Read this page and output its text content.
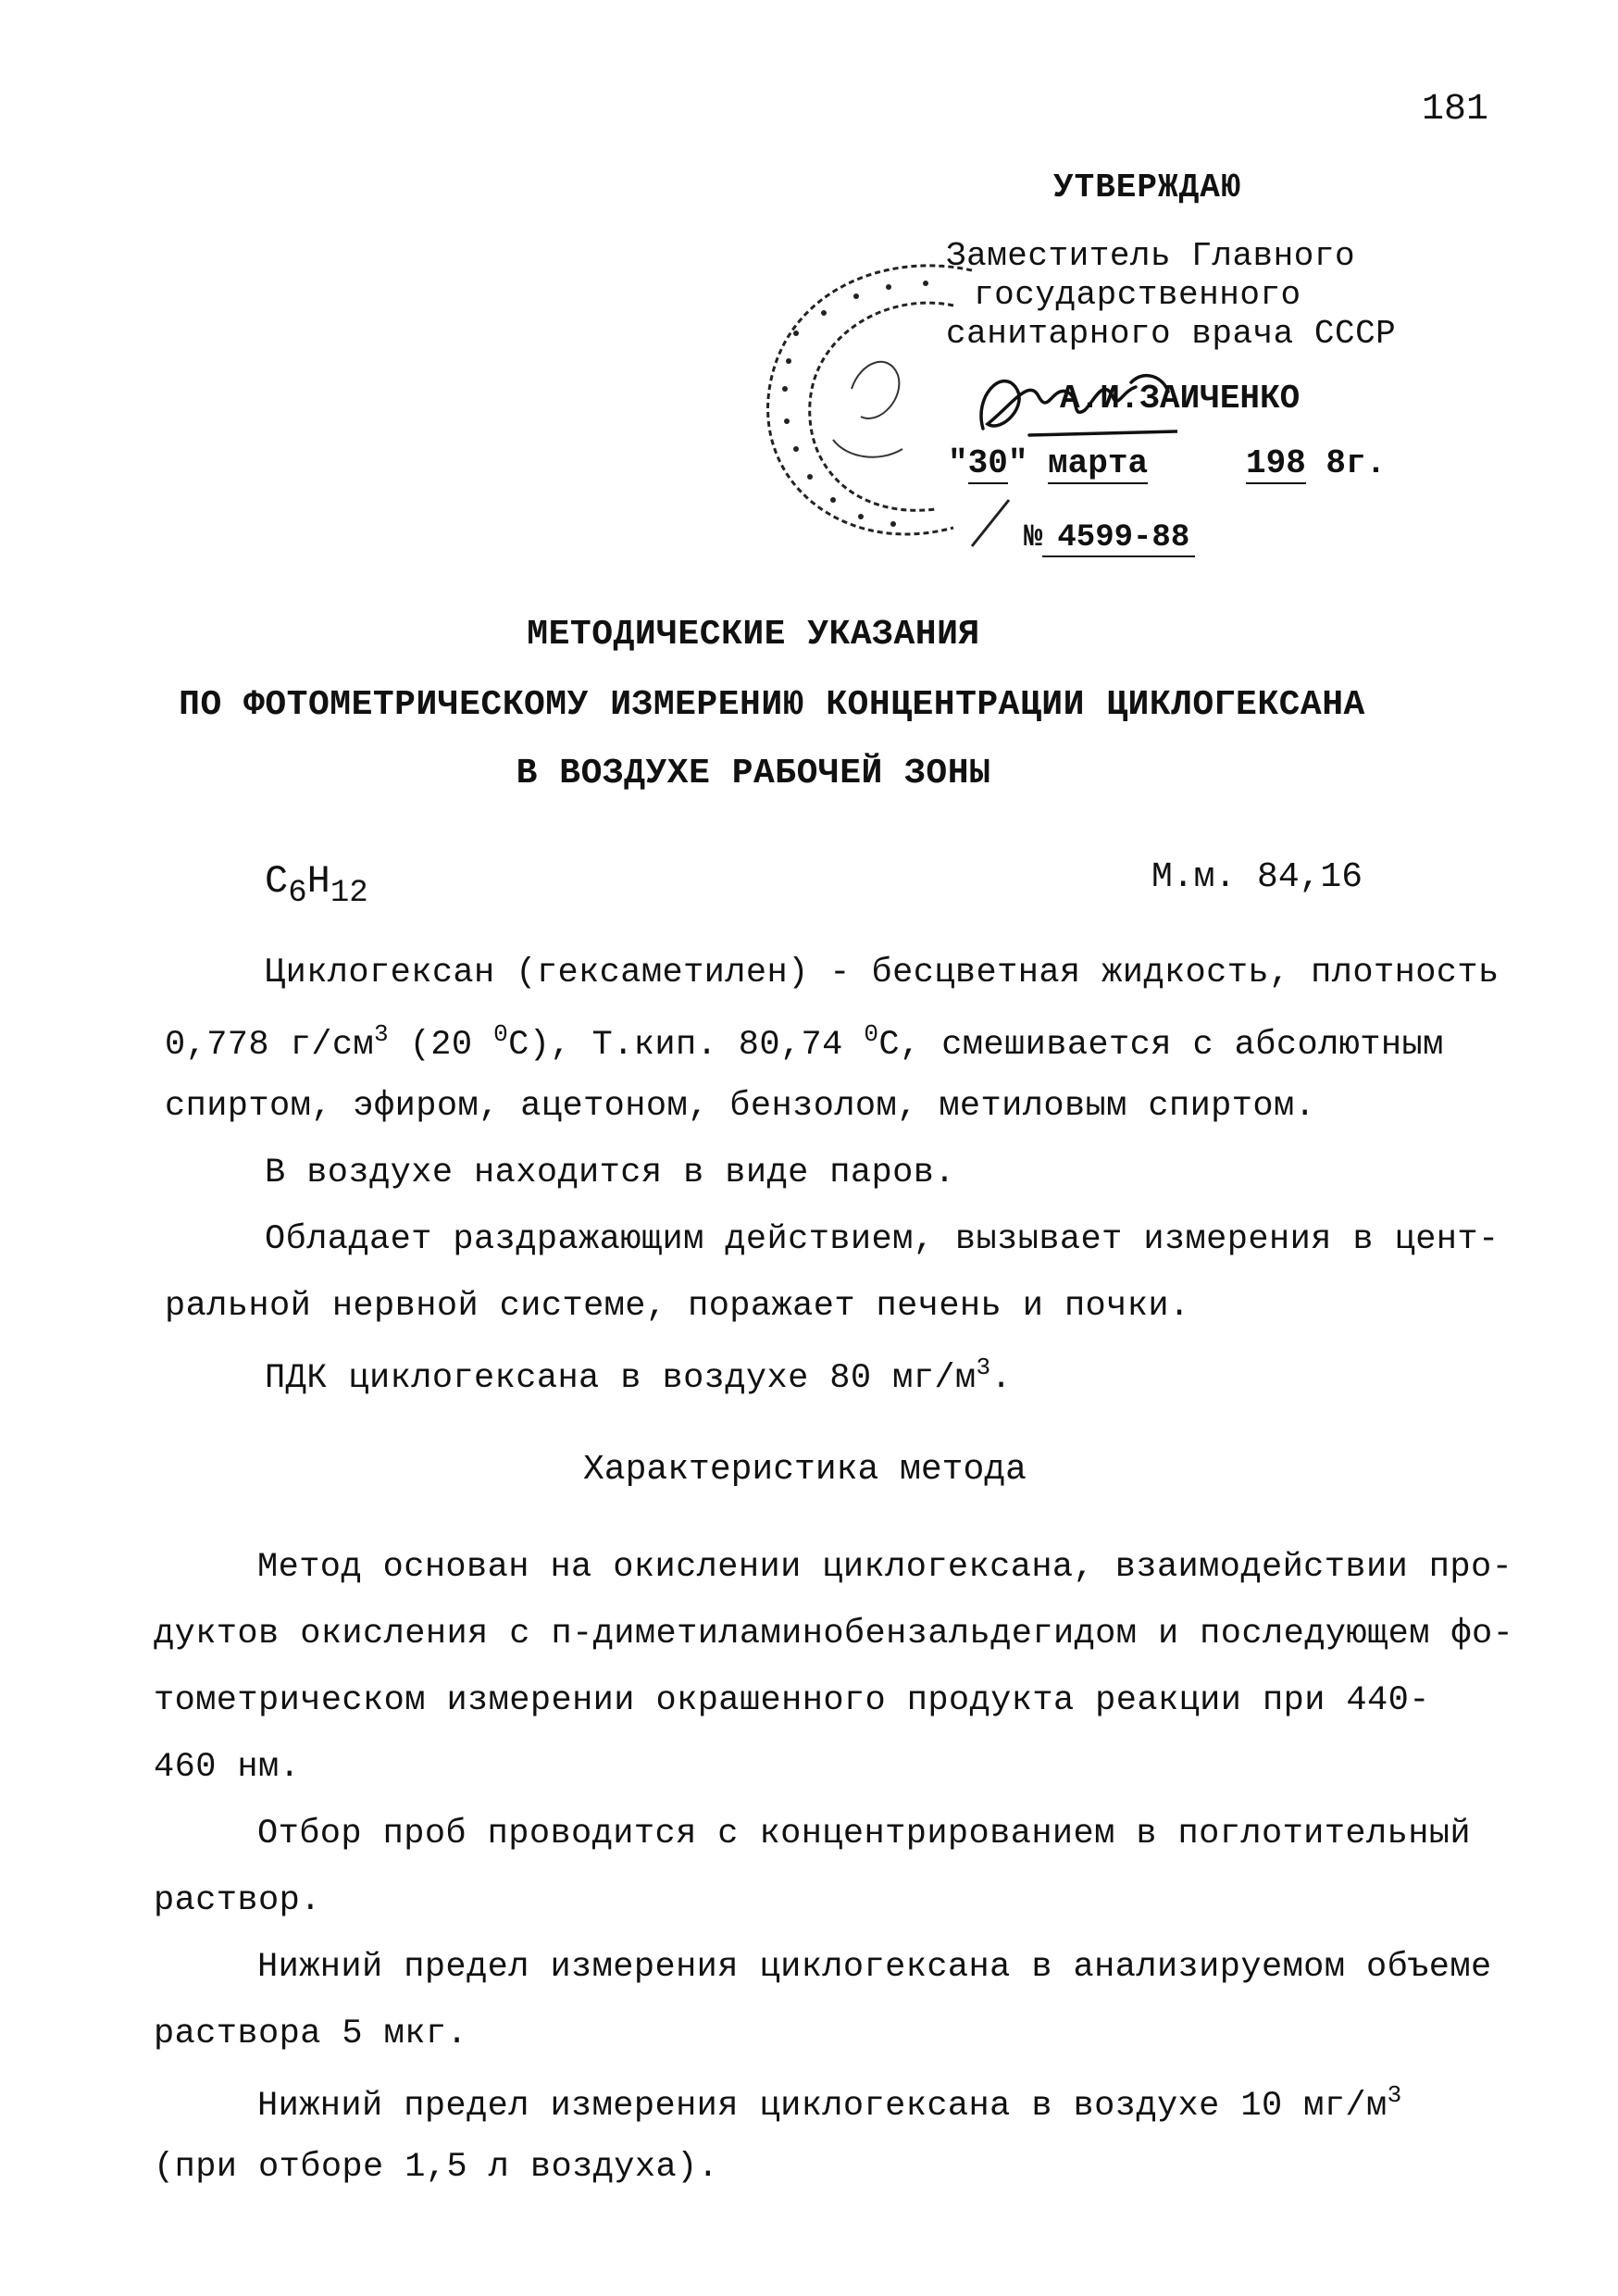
181
УТВЕРЖДАЮ
Заместитель Главного
государственного
санитарного врача СССР
А.И.ЗАИЧЕНКО
"30" марта	198 8г.
№ 4599-88
МЕТОДИЧЕСКИЕ УКАЗАНИЯ
ПО ФОТОМЕТРИЧЕСКОМУ ИЗМЕРЕНИЮ КОНЦЕНТРАЦИИ ЦИКЛОГЕКСАНА
В ВОЗДУХЕ РАБОЧЕЙ ЗОНЫ
$C_6H_{12}$	М.м. 84,16
Циклогексан (гексаметилен) - бесцветная жидкость, плотность
0,778 $г/см^3$ (20 $^0$С), Т.кип. 80,74 $^0$С, смешивается с абсолютным
спиртом, эфиром, ацетоном, бензолом, метиловым спиртом.
В воздухе находится в виде паров.
Обладает раздражающим действием, вызывает измерения в цент-
ральной нервной системе, поражает печень и почки.
ПДК циклогексана в воздухе 80 $мг/м^3$.
Характеристика метода
Метод основан на окислении циклогексана, взаимодействии про-
дуктов окисления с п-диметиламинобензальдегидом и последующем фо-
тометрическом измерении окрашенного продукта реакции при 440-
460 нм.
Отбор проб проводится с концентрированием в поглотительный
раствор.
Нижний предел измерения циклогексана в анализируемом объеме
раствора 5 мкг.
Нижний предел измерения циклогексана в воздухе 10 $мг/м^3$
(при отборе 1,5 л воздуха).
